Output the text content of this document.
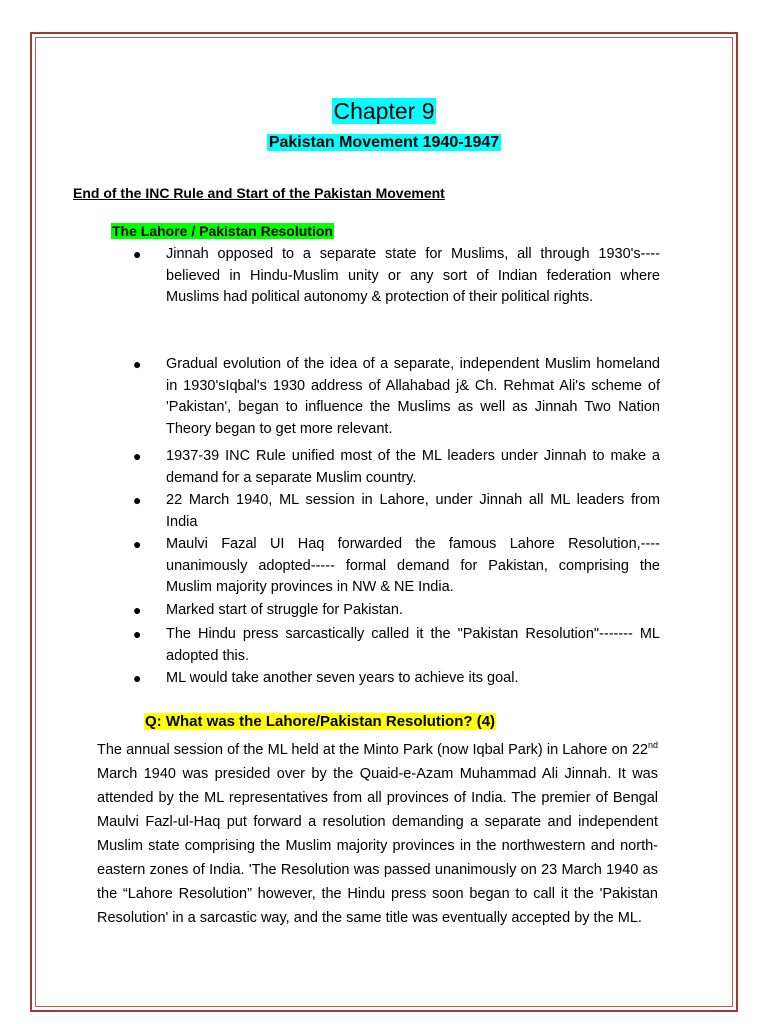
Chapter 9
Pakistan Movement 1940-1947
End of the INC Rule and Start of the Pakistan Movement
The Lahore / Pakistan Resolution
● Jinnah opposed to a separate state for Muslims, all through 1930's---- believed in Hindu-Muslim unity or any sort of Indian federation where Muslims had political autonomy & protection of their political rights.
● Gradual evolution of the idea of a separate, independent Muslim homeland in 1930'sIqbal's 1930 address of Allahabad j& Ch. Rehmat Ali's scheme of 'Pakistan', began to influence the Muslims as well as Jinnah Two Nation Theory began to get more relevant.
● 1937-39 INC Rule unified most of the ML leaders under Jinnah to make a demand for a separate Muslim country.
● 22 March 1940, ML session in Lahore, under Jinnah all ML leaders from India
● Maulvi Fazal UI Haq forwarded the famous Lahore Resolution,---- unanimously adopted----- formal demand for Pakistan, comprising the Muslim majority provinces in NW & NE India.
● Marked start of struggle for Pakistan.
● The Hindu press sarcastically called it the "Pakistan Resolution"------- ML adopted this.
● ML would take another seven years to achieve its goal.
Q: What was the Lahore/Pakistan Resolution? (4)
The annual session of the ML held at the Minto Park (now Iqbal Park) in Lahore on 22nd March 1940 was presided over by the Quaid-e-Azam Muhammad Ali Jinnah. It was attended by the ML representatives from all provinces of India. The premier of Bengal Maulvi Fazl-ul-Haq put forward a resolution demanding a separate and independent Muslim state comprising the Muslim majority provinces in the northwestern and north-eastern zones of India. 'The Resolution was passed unanimously on 23 March 1940 as the “Lahore Resolution” however, the Hindu press soon began to call it the 'Pakistan Resolution' in a sarcastic way, and the same title was eventually accepted by the ML.
